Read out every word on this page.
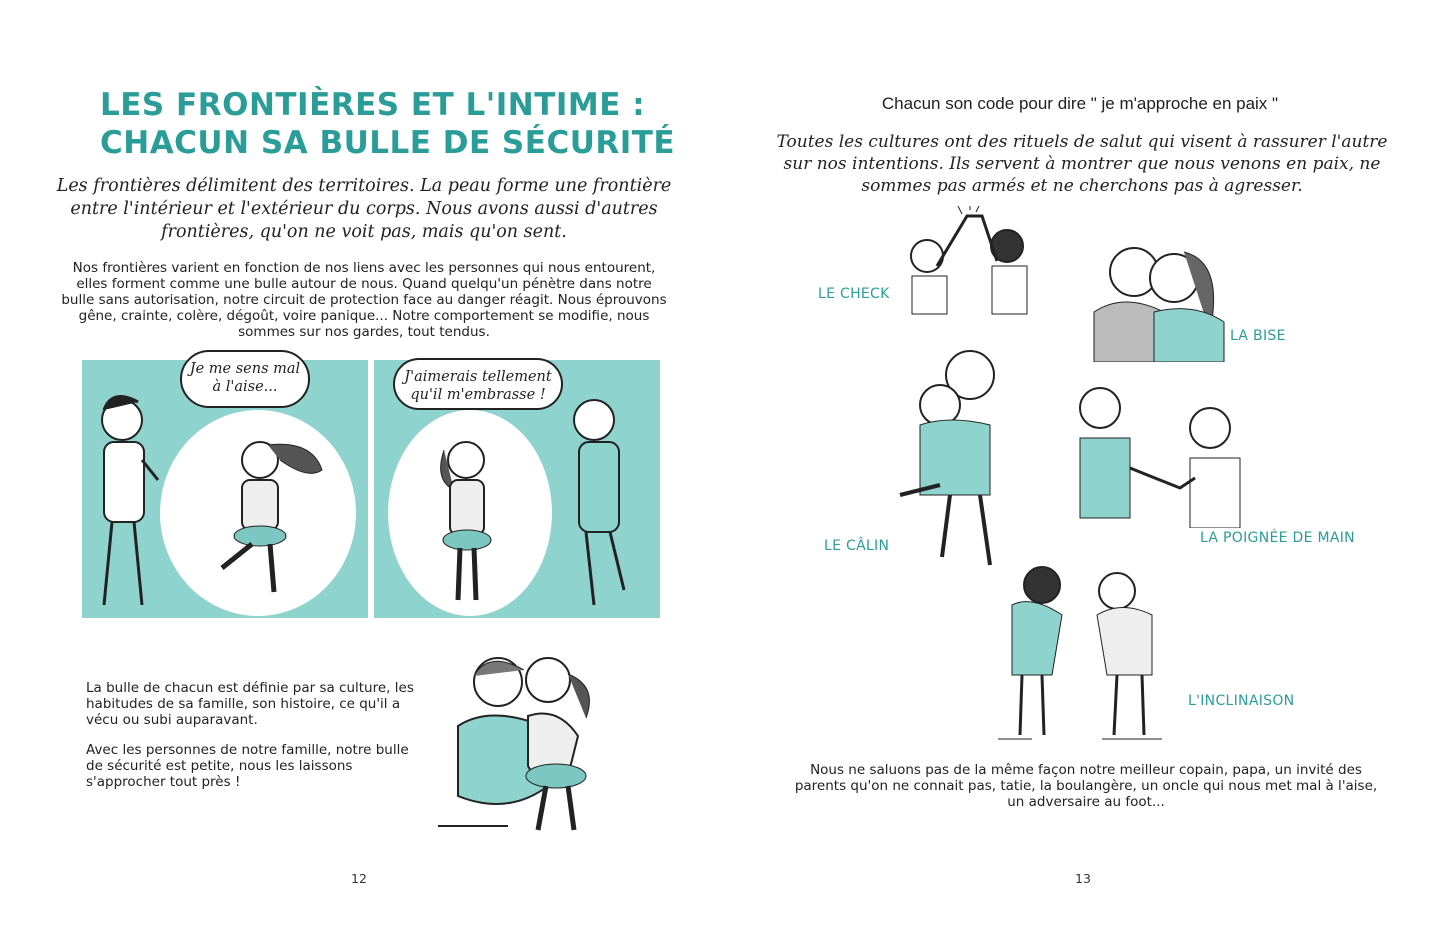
LES FRONTIÈRES ET L'INTIME :
CHACUN SA BULLE DE SÉCURITÉ
Les frontières délimitent des territoires. La peau forme une frontière entre l'intérieur et l'extérieur du corps. Nous avons aussi d'autres frontières, qu'on ne voit pas, mais qu'on sent.
Nos frontières varient en fonction de nos liens avec les personnes qui nous entourent, elles forment comme une bulle autour de nous. Quand quelqu'un pénètre dans notre bulle sans autorisation, notre circuit de protection face au danger réagit. Nous éprouvons gêne, crainte, colère, dégoût, voire panique... Notre comportement se modifie, nous sommes sur nos gardes, tout tendus.
Je me sens mal à l'aise...
J'aimerais tellement qu'il m'embrasse !

La bulle de chacun est définie par sa culture, les habitudes de sa famille, son histoire, ce qu'il a vécu ou subi auparavant.

Avec les personnes de notre famille, notre bulle de sécurité est petite, nous les laissons s'approcher tout près !

12
Chacun son code pour dire " je m'approche en paix "
Toutes les cultures ont des rituels de salut qui visent à rassurer l'autre sur nos intentions. Ils servent à montrer que nous venons en paix, ne sommes pas armés et ne cherchons pas à agresser.
LE CHECK
LA BISE
LE CÂLIN	LA POIGNÉE DE MAIN
L'INCLINAISON
Nous ne saluons pas de la même façon notre meilleur copain, papa, un invité des parents qu'on ne connait pas, tatie, la boulangère, un oncle qui nous met mal à l'aise, un adversaire au foot...
13
